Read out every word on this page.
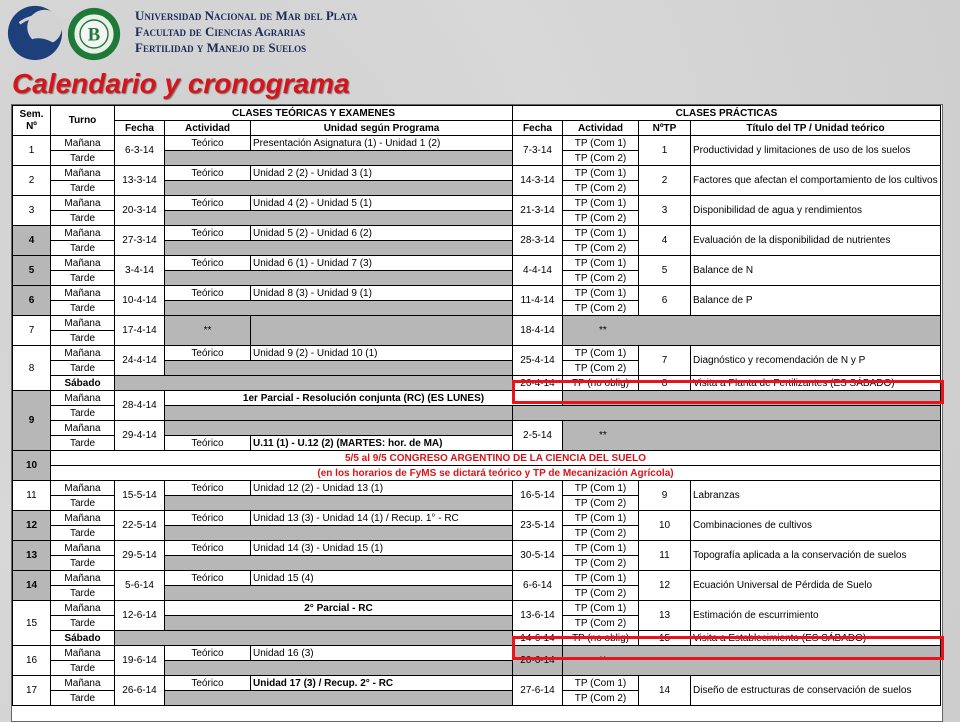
B
Universidad Nacional de Mar del Plata
Facultad de Ciencias Agrarias
Fertilidad y Manejo de Suelos
Calendario y cronograma
Sem. Nº	Turno	CLASES TEÓRICAS Y EXAMENES			CLASES PRÁCTICAS			
		Fecha	Actividad	Unidad según Programa	Fecha	Actividad	NºTP	Título del TP / Unidad teórico
1	Mañana	6-3-14	Teórico	Presentación Asignatura (1) - Unidad 1 (2)	7-3-14	TP (Com 1)	1	Productividad y limitaciones de uso de los suelos
	Tarde					TP (Com 2)		
2	Mañana	13-3-14	Teórico	Unidad 2 (2) - Unidad 3 (1)	14-3-14	TP (Com 1)	2	Factores que afectan el comportamiento de los cultivos
	Tarde					TP (Com 2)		
3	Mañana	20-3-14	Teórico	Unidad 4 (2) - Unidad 5 (1)	21-3-14	TP (Com 1)	3	Disponibilidad de agua y rendimientos
	Tarde					TP (Com 2)		
4	Mañana	27-3-14	Teórico	Unidad 5 (2) - Unidad 6 (2)	28-3-14	TP (Com 1)	4	Evaluación de la disponibilidad de nutrientes
	Tarde					TP (Com 2)		
5	Mañana	3-4-14	Teórico	Unidad 6 (1) - Unidad 7 (3)	4-4-14	TP (Com 1)	5	Balance de N
	Tarde					TP (Com 2)		
6	Mañana	10-4-14	Teórico	Unidad 8 (3) - Unidad 9 (1)	11-4-14	TP (Com 1)	6	Balance de P
	Tarde					TP (Com 2)		
7	Mañana	17-4-14	**		18-4-14	**		
	Tarde							
8	Mañana	24-4-14	Teórico	Unidad 9 (2) - Unidad 10 (1)	25-4-14	TP (Com 1)	7	Diagnóstico y recomendación de N y P
	Tarde					TP (Com 2)		
	Sábado				26-4-14	TP (no oblig)	8	Visita a Planta de Fertilizantes (ES SÁBADO)
9	Mañana	28-4-14	1er Parcial - Resolución conjunta (RC) (ES LUNES)					
	Tarde							
	Mañana	29-4-14			2-5-14	**		
	Tarde		Teórico	U.11 (1) - U.12 (2) (MARTES: hor. de MA)				
10	5/5 al 9/5 CONGRESO ARGENTINO DE LA CIENCIA DEL SUELO							
	(en los horarios de FyMS se dictará teórico y TP de Mecanización Agrícola)							
11	Mañana	15-5-14	Teórico	Unidad 12 (2) - Unidad 13 (1)	16-5-14	TP (Com 1)	9	Labranzas
	Tarde					TP (Com 2)		
12	Mañana	22-5-14	Teórico	Unidad 13 (3) - Unidad 14 (1) / Recup. 1° - RC	23-5-14	TP (Com 1)	10	Combinaciones de cultivos
	Tarde					TP (Com 2)		
13	Mañana	29-5-14	Teórico	Unidad 14 (3) - Unidad 15 (1)	30-5-14	TP (Com 1)	11	Topografía aplicada a la conservación de suelos
	Tarde					TP (Com 2)		
14	Mañana	5-6-14	Teórico	Unidad 15 (4)	6-6-14	TP (Com 1)	12	Ecuación Universal de Pérdida de Suelo
	Tarde					TP (Com 2)		
15	Mañana	12-6-14	2° Parcial - RC		13-6-14	TP (Com 1)	13	Estimación de escurrimiento
	Tarde					TP (Com 2)		
	Sábado				14-6-14	TP (no oblig)	15	Visita a Establecimiento (ES SÁBADO)
16	Mañana	19-6-14	Teórico	Unidad 16 (3)	20-6-14	**		
	Tarde							
17	Mañana	26-6-14	Teórico	Unidad 17 (3) / Recup. 2° - RC	27-6-14	TP (Com 1)	14	Diseño de estructuras de conservación de suelos
	Tarde					TP (Com 2)		
